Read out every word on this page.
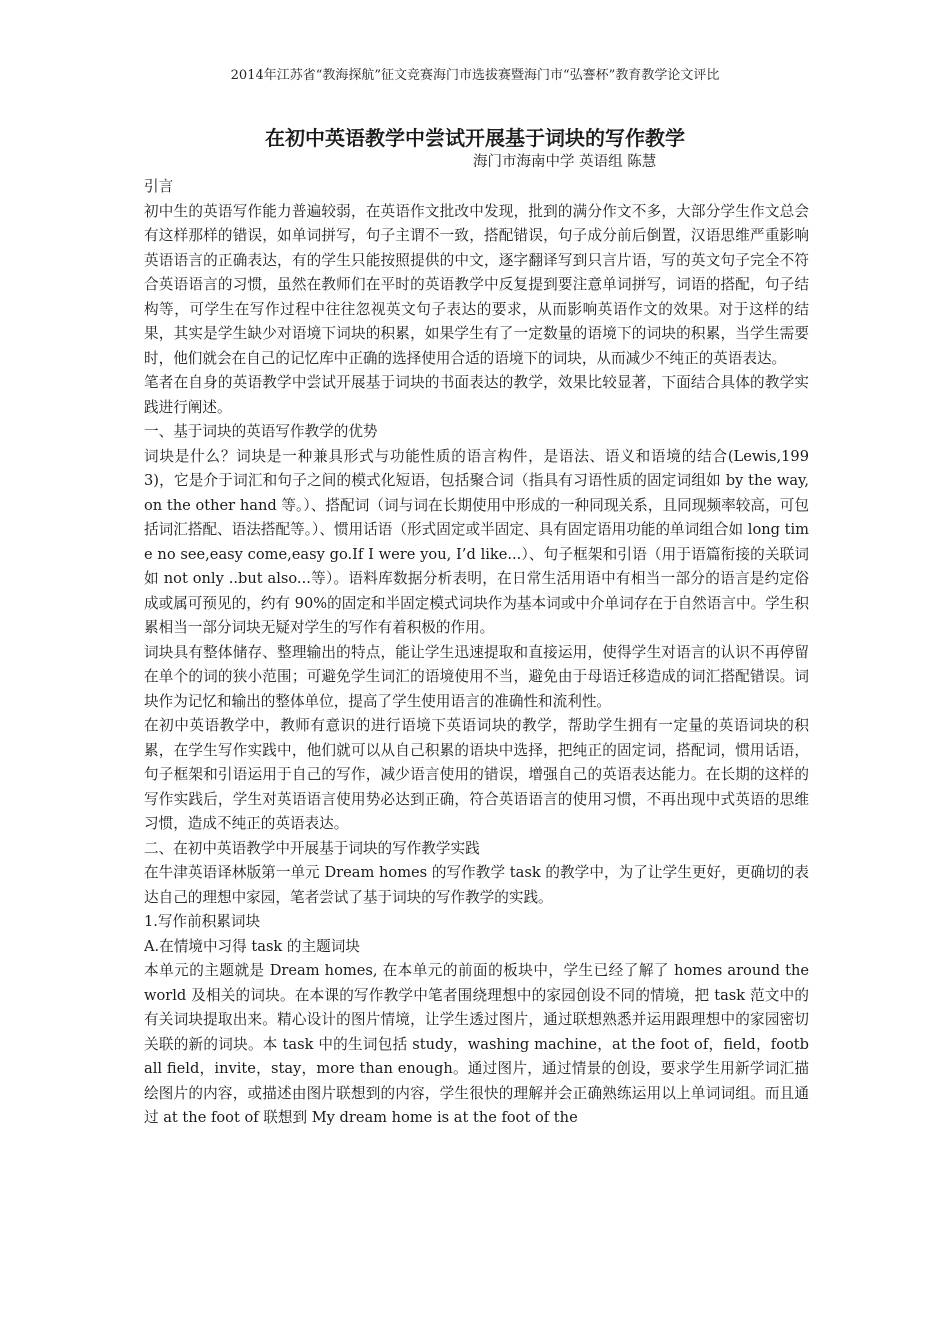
2014年江苏省“教海探航”征文竞赛海门市选拔赛暨海门市“弘謇杯”教育教学论文评比
在初中英语教学中尝试开展基于词块的写作教学
海门市海南中学 英语组 陈慧

引言

初中生的英语写作能力普遍较弱，在英语作文批改中发现，批到的满分作文不多，大部分学生作文总会有这样那样的错误，如单词拼写，句子主谓不一致，搭配错误，句子成分前后倒置，汉语思维严重影响英语语言的正确表达，有的学生只能按照提供的中文，逐字翻译写到只言片语，写的英文句子完全不符合英语语言的习惯，虽然在教师们在平时的英语教学中反复提到要注意单词拼写，词语的搭配，句子结构等，可学生在写作过程中往往忽视英文句子表达的要求，从而影响英语作文的效果。对于这样的结果，其实是学生缺少对语境下词块的积累，如果学生有了一定数量的语境下的词块的积累，当学生需要时，他们就会在自己的记忆库中正确的选择使用合适的语境下的词块，从而减少不纯正的英语表达。

笔者在自身的英语教学中尝试开展基于词块的书面表达的教学，效果比较显著，下面结合具体的教学实践进行阐述。

一、基于词块的英语写作教学的优势

词块是什么？词块是一种兼具形式与功能性质的语言构件，是语法、语义和语境的结合(Lewis,1993)，它是介于词汇和句子之间的模式化短语，包括聚合词（指具有习语性质的固定词组如 by the way,on the other hand 等。）、搭配词（词与词在长期使用中形成的一种同现关系，且同现频率较高，可包括词汇搭配、语法搭配等。）、惯用话语（形式固定或半固定、具有固定语用功能的单词组合如 long time no see,easy come,easy go.If I were you, I’d like...）、句子框架和引语（用于语篇衔接的关联词如 not only ..but also...等）。语料库数据分析表明，在日常生活用语中有相当一部分的语言是约定俗成或属可预见的，约有 90%的固定和半固定模式词块作为基本词或中介单词存在于自然语言中。学生积累相当一部分词块无疑对学生的写作有着积极的作用。

词块具有整体储存、整理输出的特点，能让学生迅速提取和直接运用，使得学生对语言的认识不再停留在单个的词的狭小范围；可避免学生词汇的语境使用不当，避免由于母语迁移造成的词汇搭配错误。词块作为记忆和输出的整体单位，提高了学生使用语言的准确性和流利性。

在初中英语教学中，教师有意识的进行语境下英语词块的教学，帮助学生拥有一定量的英语词块的积累，在学生写作实践中，他们就可以从自己积累的语块中选择，把纯正的固定词，搭配词，惯用话语，句子框架和引语运用于自己的写作，减少语言使用的错误，增强自己的英语表达能力。在长期的这样的写作实践后，学生对英语语言使用势必达到正确，符合英语语言的使用习惯，不再出现中式英语的思维习惯，造成不纯正的英语表达。

二、在初中英语教学中开展基于词块的写作教学实践

在牛津英语译林版第一单元 Dream homes 的写作教学 task 的教学中，为了让学生更好，更确切的表达自己的理想中家园，笔者尝试了基于词块的写作教学的实践。

1.写作前积累词块

A.在情境中习得 task 的主题词块

本单元的主题就是 Dream homes, 在本单元的前面的板块中，学生已经了解了 homes around the world 及相关的词块。在本课的写作教学中笔者围绕理想中的家园创设不同的情境，把 task 范文中的有关词块提取出来。精心设计的图片情境，让学生透过图片，通过联想熟悉并运用跟理想中的家园密切关联的新的词块。本 task 中的生词包括 study，washing machine，at the foot of，field，football field，invite，stay，more than enough。通过图片，通过情景的创设，要求学生用新学词汇描绘图片的内容，或描述由图片联想到的内容，学生很快的理解并会正确熟练运用以上单词词组。而且通过 at the foot of 联想到 My dream home is at the foot of the
